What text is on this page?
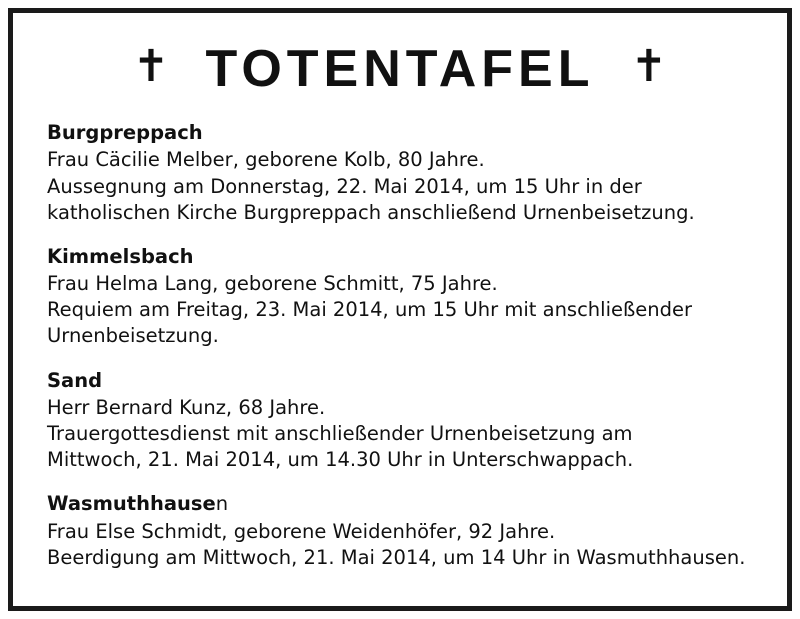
✝ TOTENTAFEL ✝
Burgpreppach
Frau Cäcilie Melber, geborene Kolb, 80 Jahre.
Aussegnung am Donnerstag, 22. Mai 2014, um 15 Uhr in der
katholischen Kirche Burgpreppach anschließend Urnenbeisetzung.
Kimmelsbach
Frau Helma Lang, geborene Schmitt, 75 Jahre.
Requiem am Freitag, 23. Mai 2014, um 15 Uhr mit anschließender
Urnenbeisetzung.
Sand
Herr Bernard Kunz, 68 Jahre.
Trauergottesdienst mit anschließender Urnenbeisetzung am
Mittwoch, 21. Mai 2014, um 14.30 Uhr in Unterschwappach.
Wasmuthhausen
Frau Else Schmidt, geborene Weidenhöfer, 92 Jahre.
Beerdigung am Mittwoch, 21. Mai 2014, um 14 Uhr in Wasmuthhausen.
